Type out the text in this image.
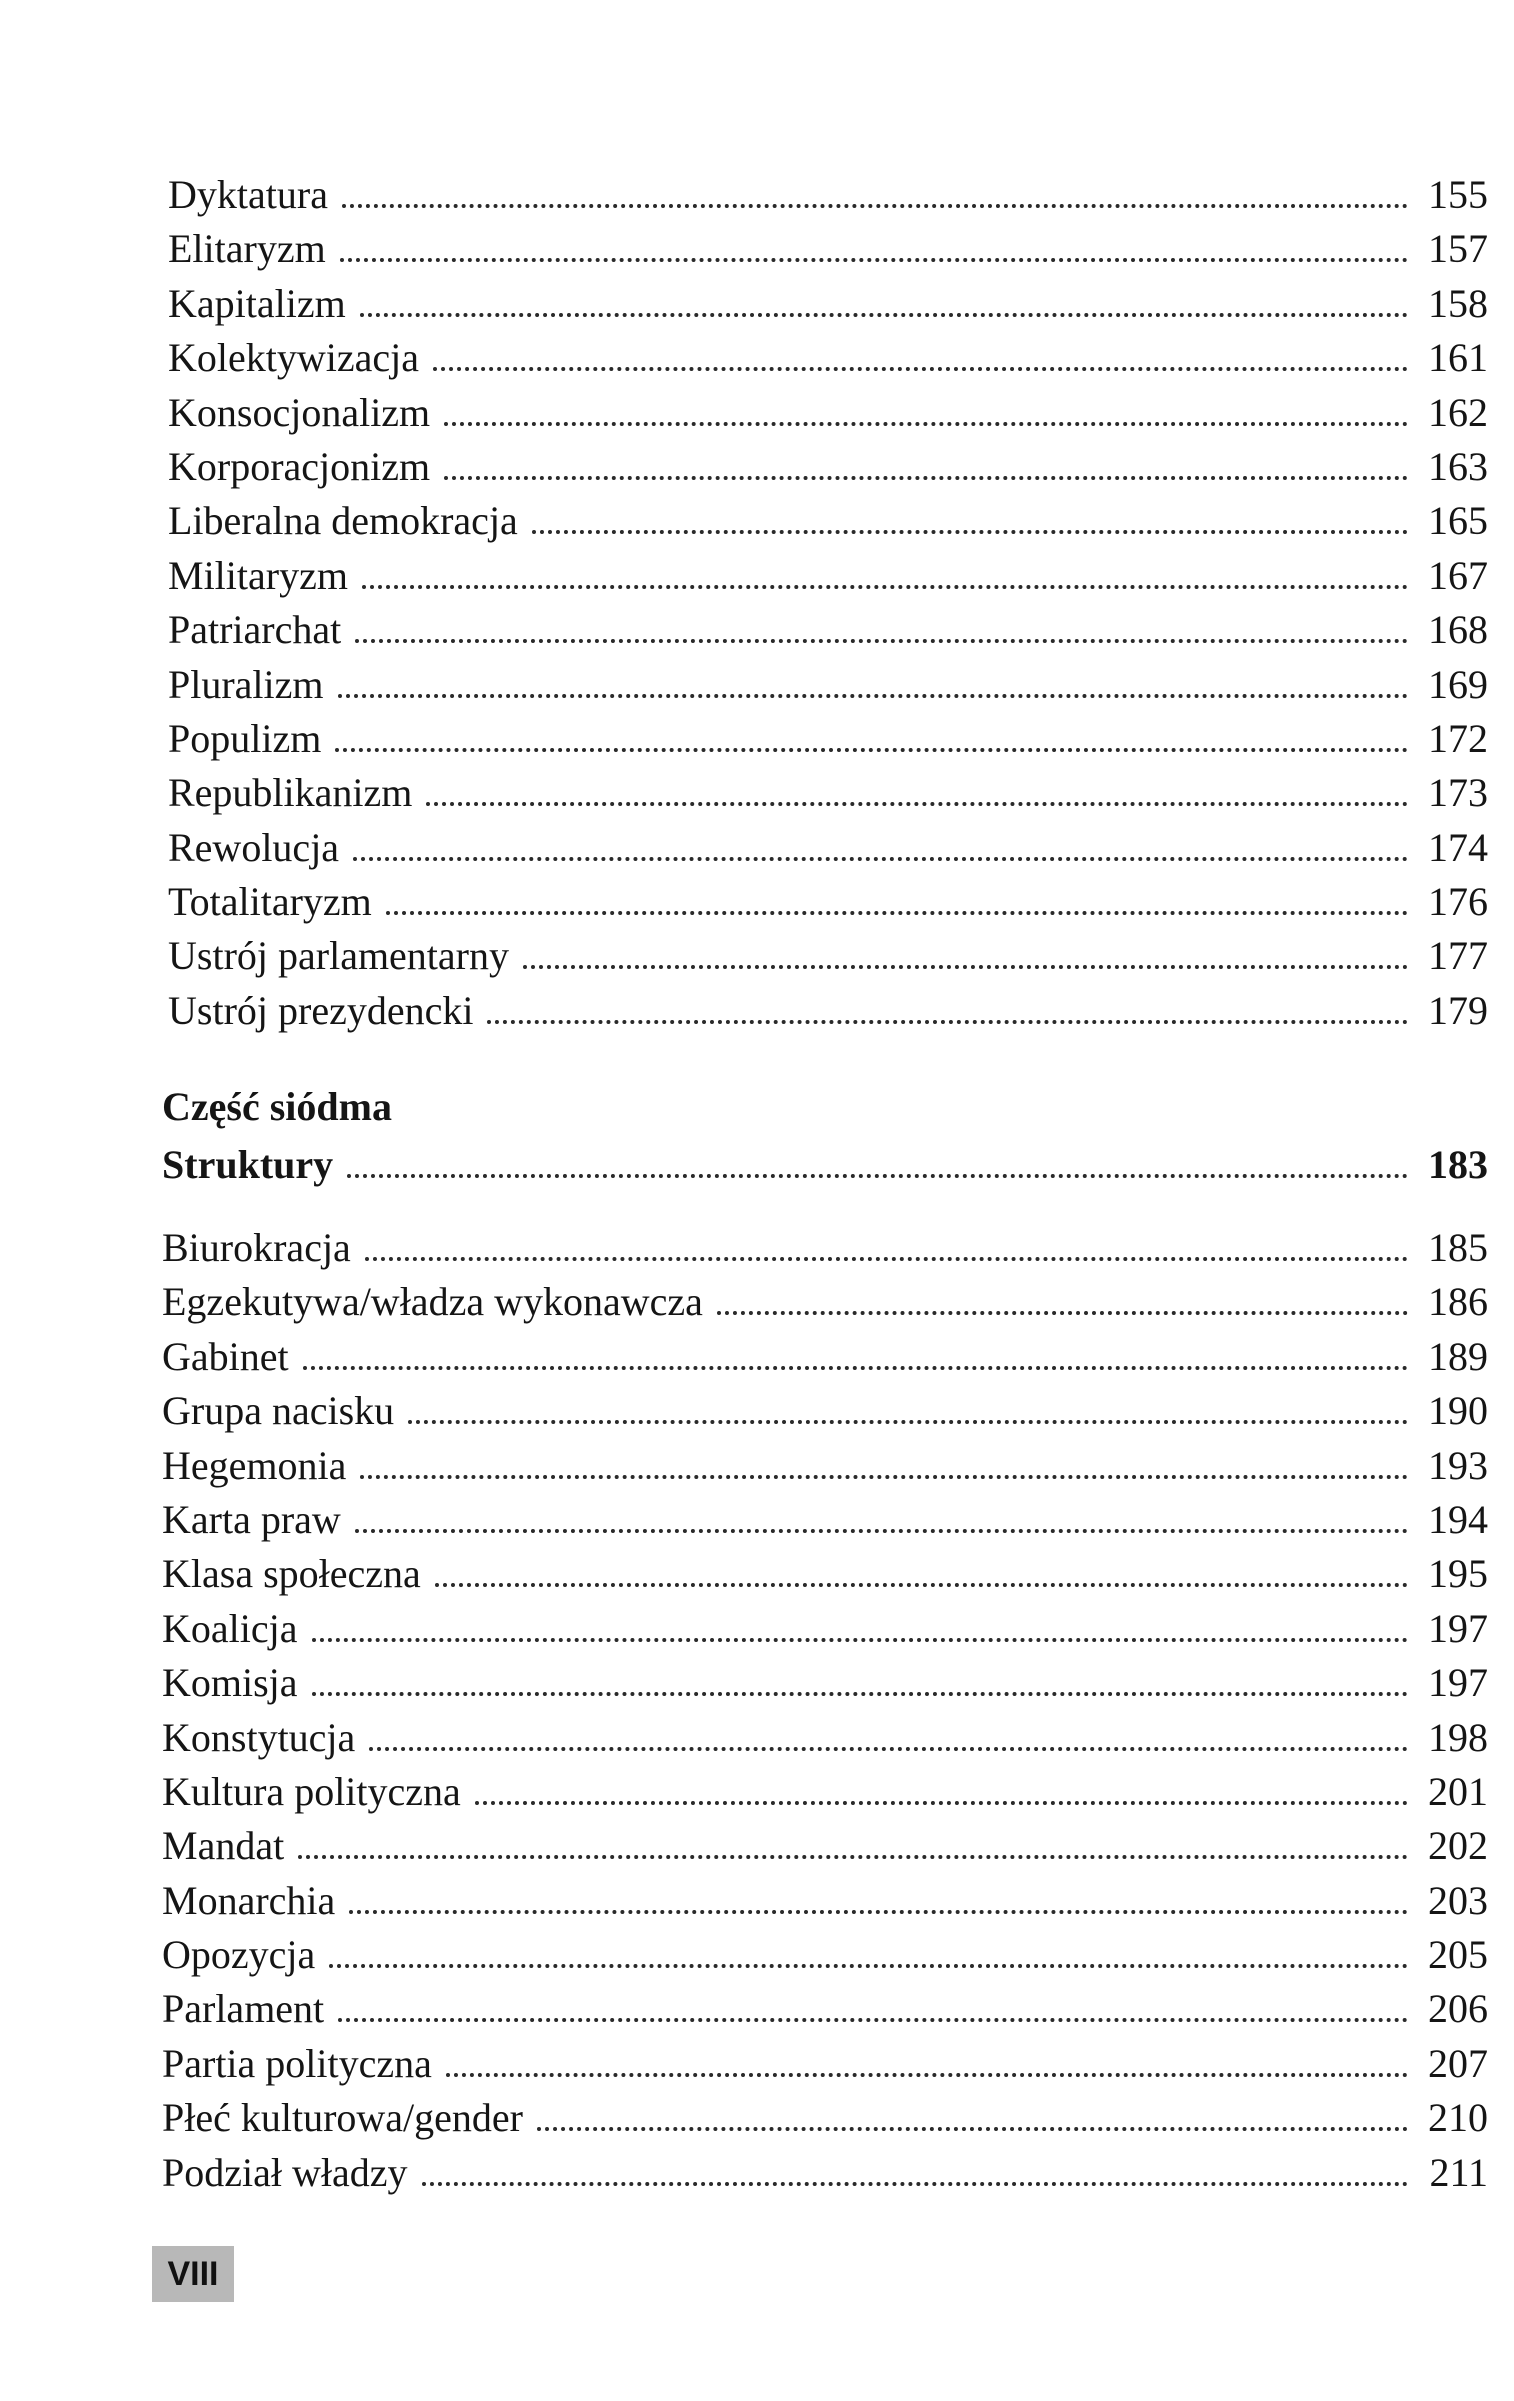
Dyktatura	155
Elitaryzm	157
Kapitalizm	158
Kolektywizacja	161
Konsocjonalizm	162
Korporacjonizm	163
Liberalna demokracja	165
Militaryzm	167
Patriarchat	168
Pluralizm	169
Populizm	172
Republikanizm	173
Rewolucja	174
Totalitaryzm	176
Ustrój parlamentarny	177
Ustrój prezydencki	179
Część siódma
Struktury	183
Biurokracja	185
Egzekutywa/władza wykonawcza	186
Gabinet	189
Grupa nacisku	190
Hegemonia	193
Karta praw	194
Klasa społeczna	195
Koalicja	197
Komisja	197
Konstytucja	198
Kultura polityczna	201
Mandat	202
Monarchia	203
Opozycja	205
Parlament	206
Partia polityczna	207
Płeć kulturowa/gender	210
Podział władzy	211
VIII
